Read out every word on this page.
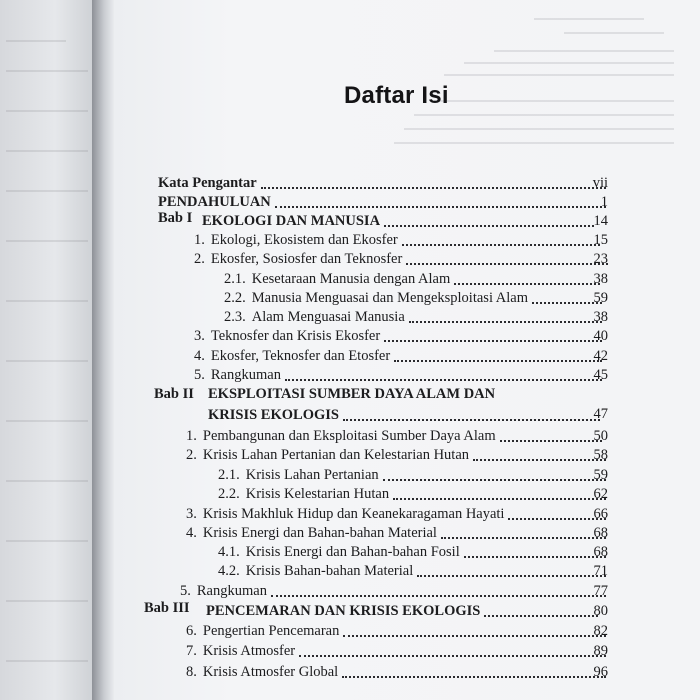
Daftar Isi
Kata Pengantar	vii
PENDAHULUAN	1
Bab I EKOLOGI DAN MANUSIA	14
1. Ekologi, Ekosistem dan Ekosfer	15
2. Ekosfer, Sosiosfer dan Teknosfer	23
2.1. Kesetaraan Manusia dengan Alam	38
2.2. Manusia Menguasai dan Mengeksploitasi Alam	59
2.3. Alam Menguasai Manusia	38
3. Teknosfer dan Krisis Ekosfer	40
4. Ekosfer, Teknosfer dan Etosfer	42
5. Rangkuman	45
Bab II EKSPLOITASI SUMBER DAYA ALAM DAN
KRISIS EKOLOGIS	47
1. Pembangunan dan Eksploitasi Sumber Daya Alam	50
2. Krisis Lahan Pertanian dan Kelestarian Hutan	58
2.1. Krisis Lahan Pertanian	59
2.2. Krisis Kelestarian Hutan	62
3. Krisis Makhluk Hidup dan Keanekaragaman Hayati	66
4. Krisis Energi dan Bahan-bahan Material	68
4.1. Krisis Energi dan Bahan-bahan Fosil	68
4.2. Krisis Bahan-bahan Material	71
5. Rangkuman	77
Bab III PENCEMARAN DAN KRISIS EKOLOGIS	80
6. Pengertian Pencemaran	82
7. Krisis Atmosfer	89
8. Krisis Atmosfer Global	96
